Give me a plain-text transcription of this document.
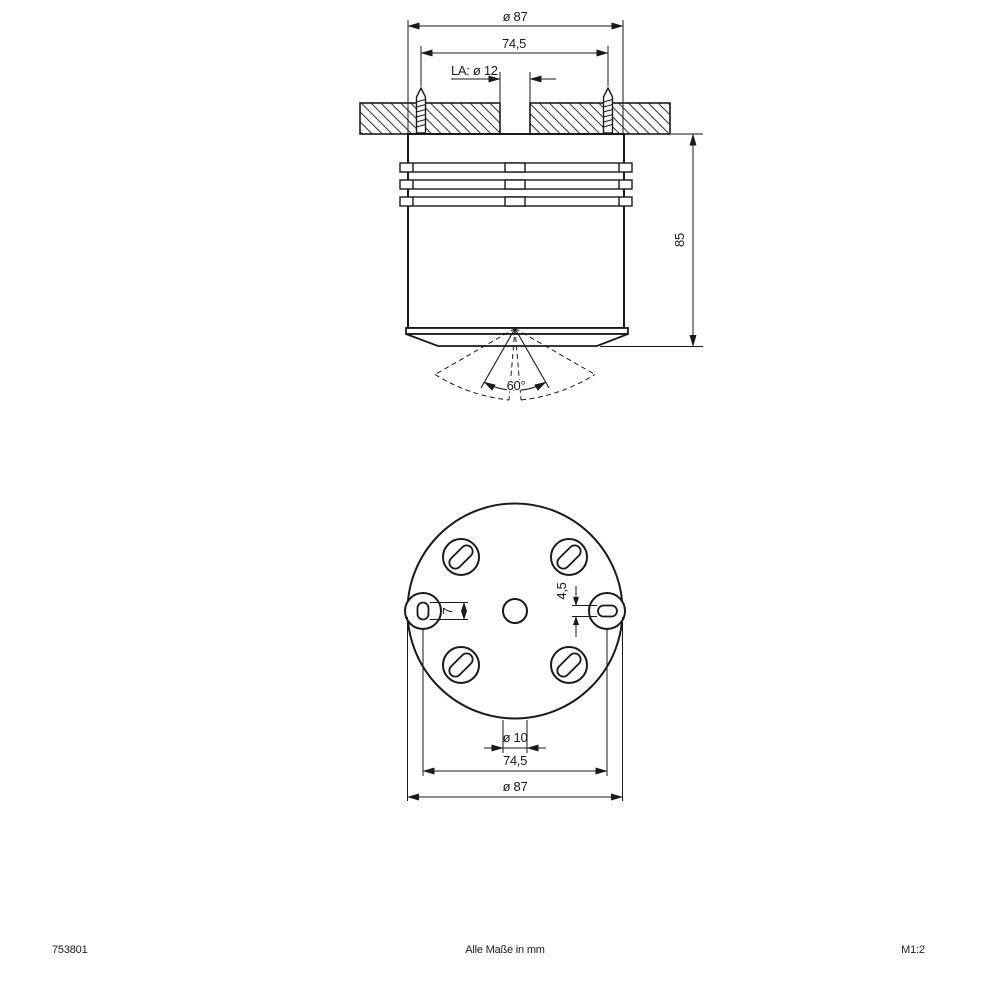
60°
ø 87
74,5
LA: ø 12
85
7
4,5
ø 10
74,5
ø 87
753801	Alle Maße in mm	M1:2
